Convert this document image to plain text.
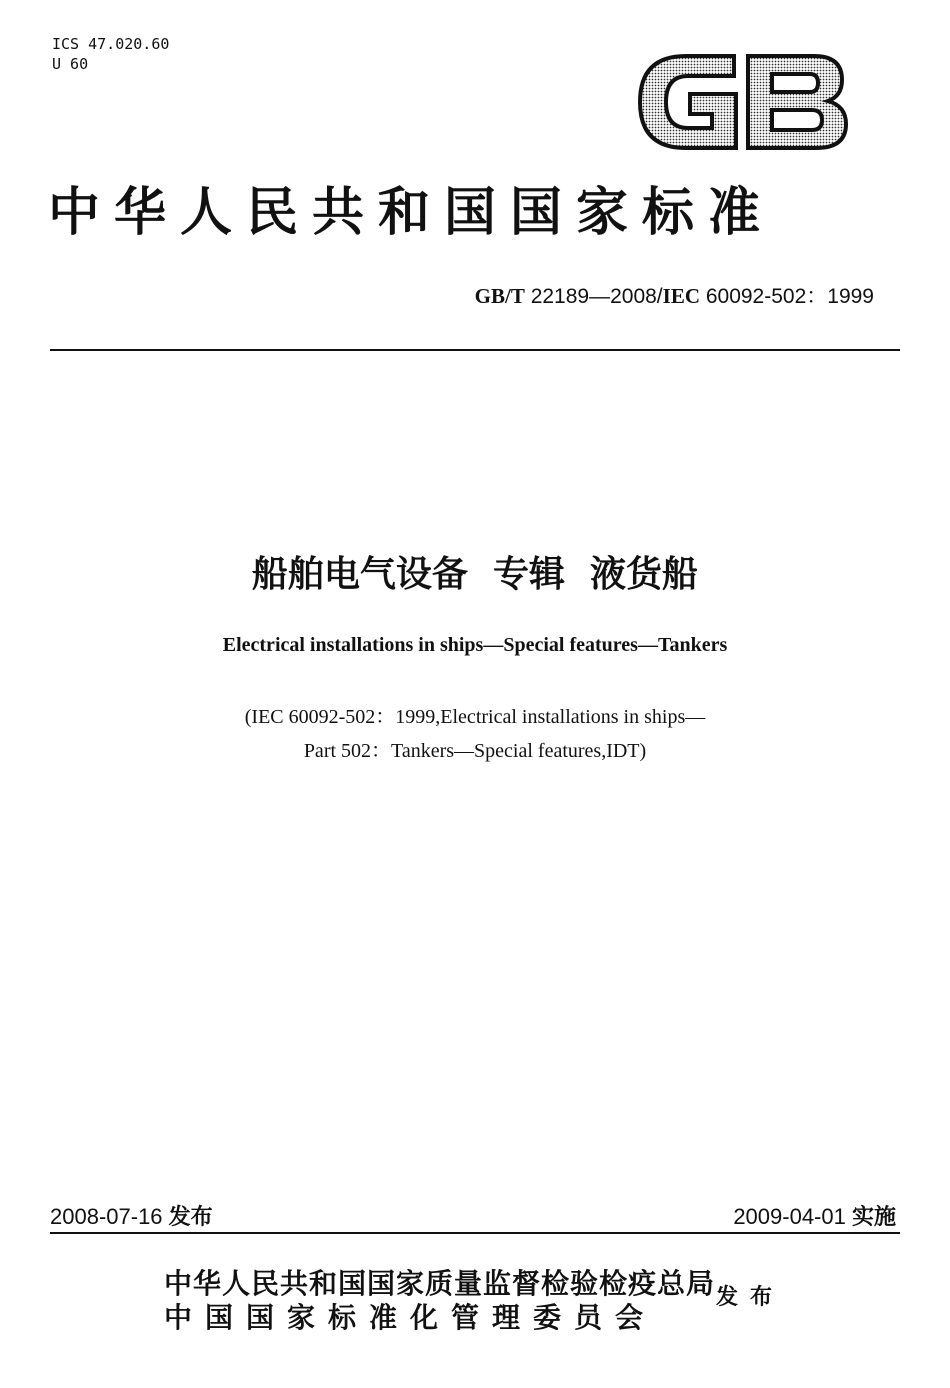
ICS 47.020.60
U 60
GB
中华人民共和国国家标准
GB/T 22189—2008/IEC 60092-502：1999
船舶电气设备  专辑  液货船
Electrical installations in ships—Special features—Tankers
(IEC 60092-502：1999,Electrical installations in ships—
Part 502：Tankers—Special features,IDT)
2008-07-16 发布	2009-04-01 实施
中华人民共和国国家质量监督检验检疫总局
中国国家标准化管理委员会
发布
